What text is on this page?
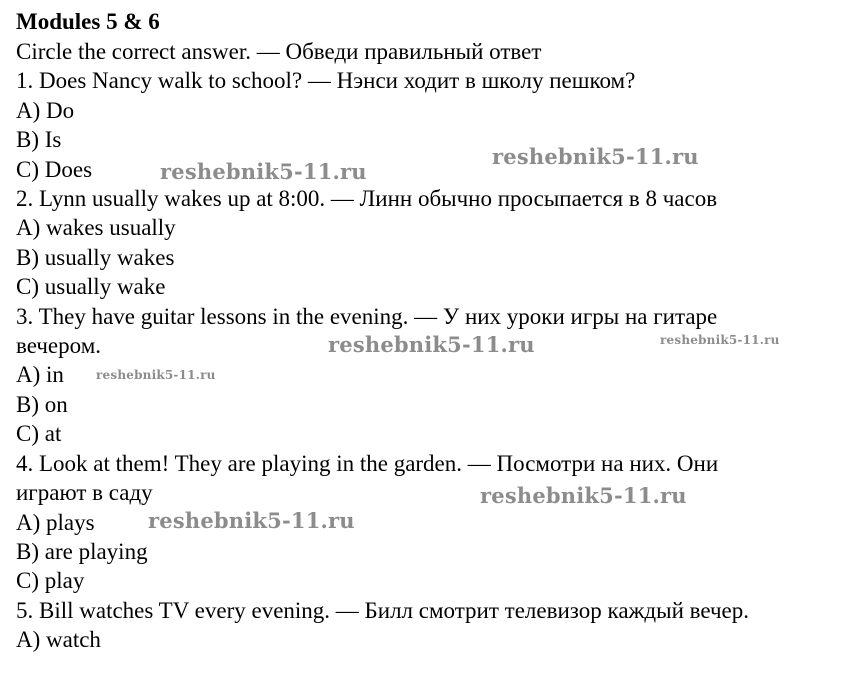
Modules 5 & 6
Circle the correct answer. — Обведи правильный ответ
1. Does Nancy walk to school? — Нэнси ходит в школу пешком?
A) Do
B) Is
C) Does
2. Lynn usually wakes up at 8:00. — Линн обычно просыпается в 8 часов
A) wakes usually
B) usually wakes
C) usually wake
3. They have guitar lessons in the evening. — У них уроки игры на гитаре
вечером.
A) in
B) on
C) at
4. Look at them! They are playing in the garden. — Посмотри на них. Они
играют в саду
A) plays
B) are playing
C) play
5. Bill watches TV every evening. — Билл смотрит телевизор каждый вечер.
A) watch
reshebnik5-11.ru
reshebnik5-11.ru
reshebnik5-11.ru	reshebnik5-11.ru
reshebnik5-11.ru
reshebnik5-11.ru
reshebnik5-11.ru
